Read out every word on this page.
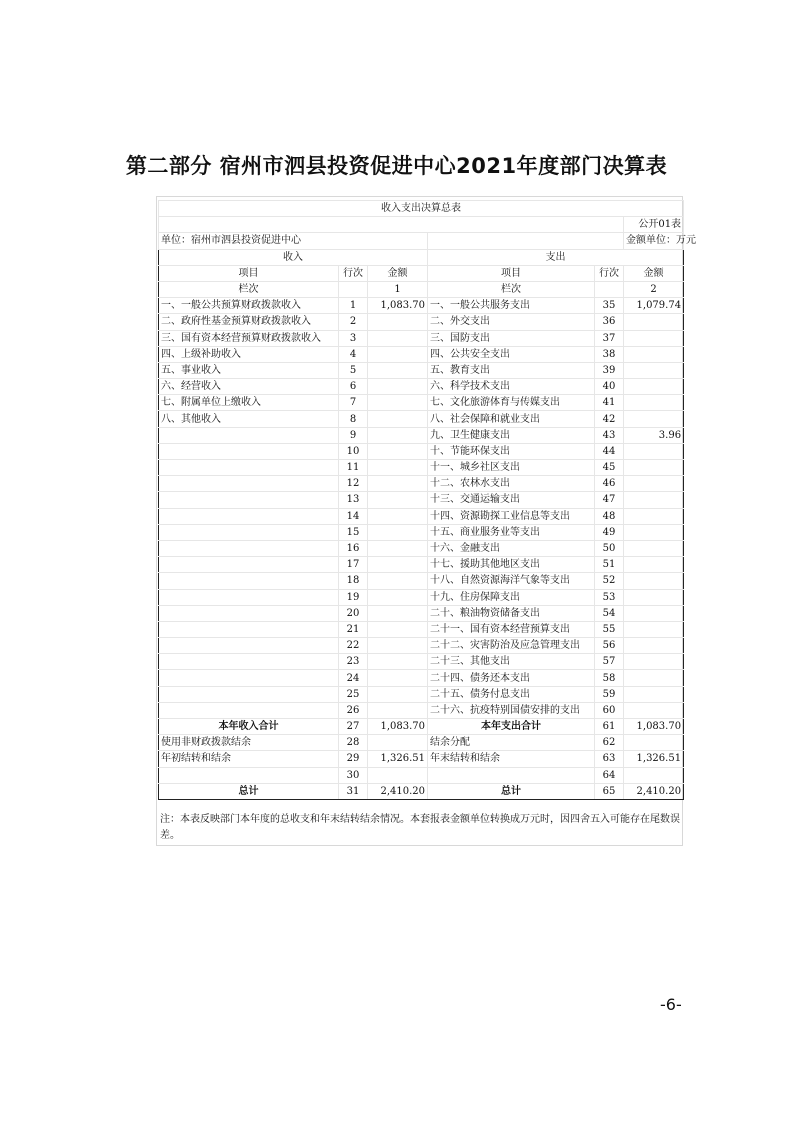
第二部分 宿州市泗县投资促进中心2021年度部门决算表
收入支出决算总表					
					公开01表
单位：宿州市泗县投资促进中心					金额单位：万元
收入			支出		
项目	行次	金额	项目	行次	金额
栏次		1	栏次		2
一、一般公共预算财政拨款收入	1	1,083.70	一、一般公共服务支出	35	1,079.74
二、政府性基金预算财政拨款收入	2		二、外交支出	36	
三、国有资本经营预算财政拨款收入	3		三、国防支出	37	
四、上级补助收入	4		四、公共安全支出	38	
五、事业收入	5		五、教育支出	39	
六、经营收入	6		六、科学技术支出	40	
七、附属单位上缴收入	7		七、文化旅游体育与传媒支出	41	
八、其他收入	8		八、社会保障和就业支出	42	
	9		九、卫生健康支出	43	3.96
	10		十、节能环保支出	44	
	11		十一、城乡社区支出	45	
	12		十二、农林水支出	46	
	13		十三、交通运输支出	47	
	14		十四、资源勘探工业信息等支出	48	
	15		十五、商业服务业等支出	49	
	16		十六、金融支出	50	
	17		十七、援助其他地区支出	51	
	18		十八、自然资源海洋气象等支出	52	
	19		十九、住房保障支出	53	
	20		二十、粮油物资储备支出	54	
	21		二十一、国有资本经营预算支出	55	
	22		二十二、灾害防治及应急管理支出	56	
	23		二十三、其他支出	57	
	24		二十四、债务还本支出	58	
	25		二十五、债务付息支出	59	
	26		二十六、抗疫特别国债安排的支出	60	
本年收入合计	27	1,083.70	本年支出合计	61	1,083.70
使用非财政拨款结余	28		结余分配	62	
年初结转和结余	29	1,326.51	年末结转和结余	63	1,326.51
	30			64	
总计	31	2,410.20	总计	65	2,410.20
注：本表反映部门本年度的总收支和年末结转结余情况。本套报表金额单位转换成万元时，因四舍五入可能存在尾数误差。
-6-
